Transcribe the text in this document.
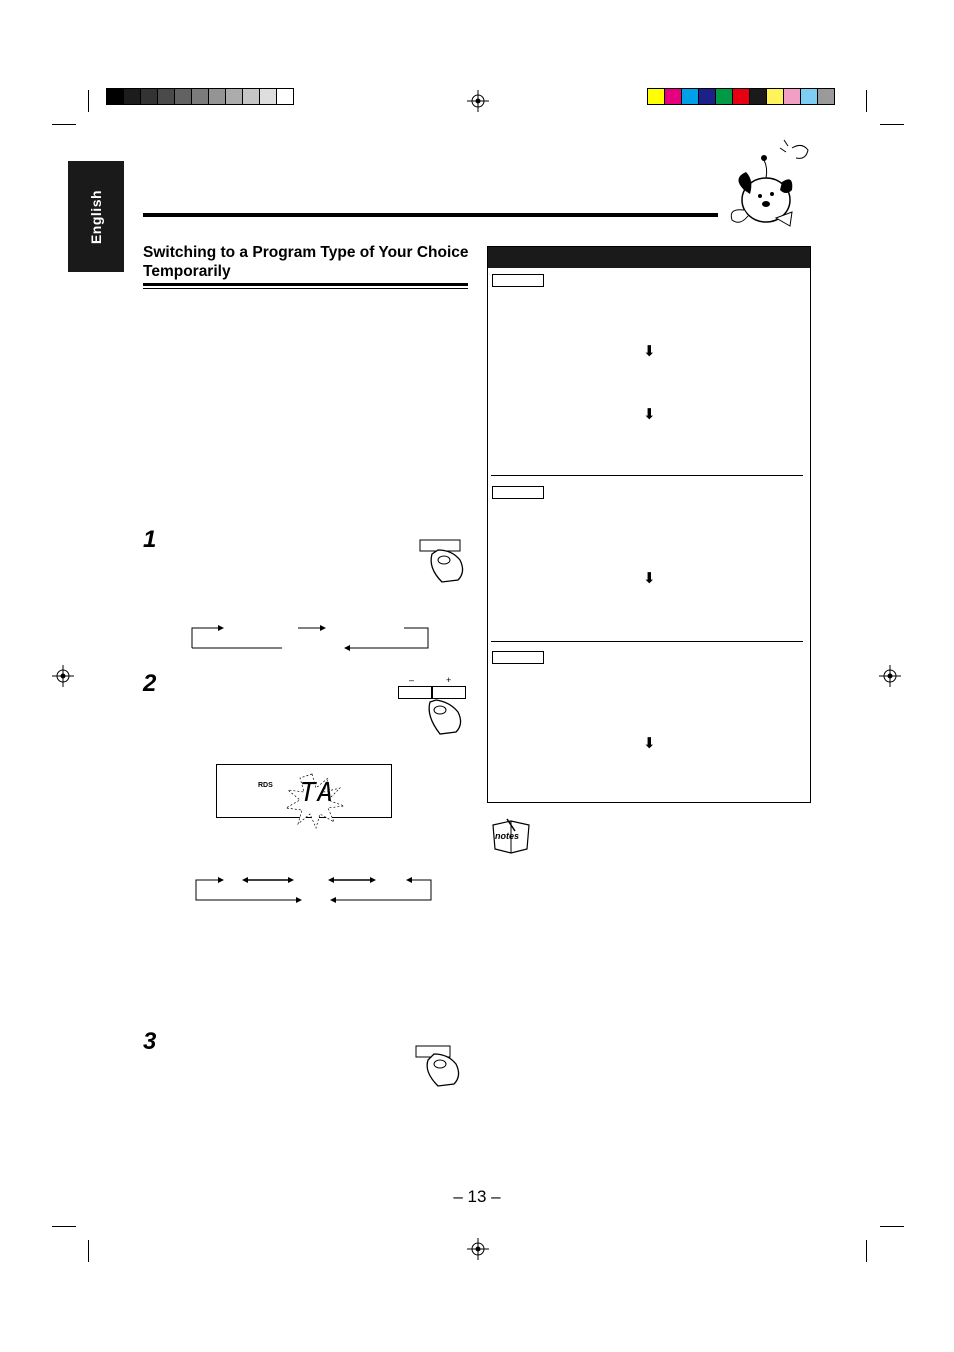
English
Switching to a Program Type of Your Choice Temporarily
1
2	–	+
RDS TA
3
⬇
⬇
⬇
⬇
notes
– 13 –
